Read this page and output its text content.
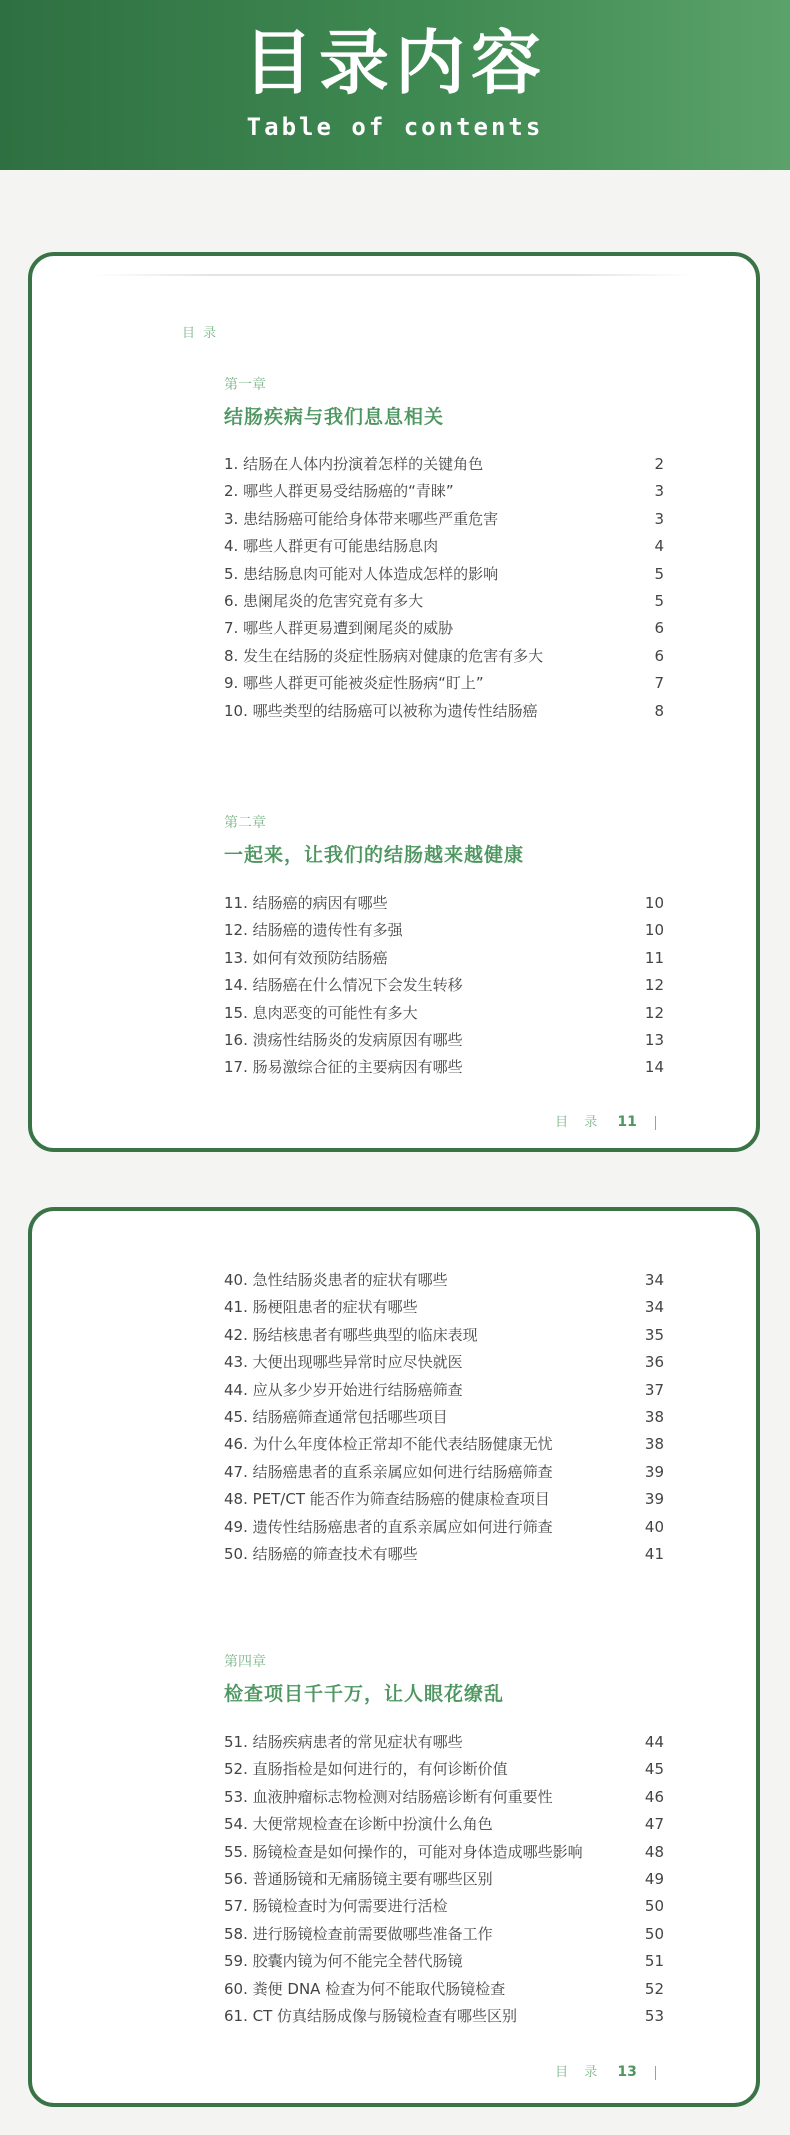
目录内容
Table of contents
目 录
第一章
结肠疾病与我们息息相关
1. 结肠在人体内扮演着怎样的关键角色	2
2. 哪些人群更易受结肠癌的“青睐”	3
3. 患结肠癌可能给身体带来哪些严重危害	3
4. 哪些人群更有可能患结肠息肉	4
5. 患结肠息肉可能对人体造成怎样的影响	5
6. 患阑尾炎的危害究竟有多大	5
7. 哪些人群更易遭到阑尾炎的威胁	6
8. 发生在结肠的炎症性肠病对健康的危害有多大	6
9. 哪些人群更可能被炎症性肠病“盯上”	7
10. 哪些类型的结肠癌可以被称为遗传性结肠癌	8
第二章
一起来，让我们的结肠越来越健康
11. 结肠癌的病因有哪些	10
12. 结肠癌的遗传性有多强	10
13. 如何有效预防结肠癌	11
14. 结肠癌在什么情况下会发生转移	12
15. 息肉恶变的可能性有多大	12
16. 溃疡性结肠炎的发病原因有哪些	13
17. 肠易激综合征的主要病因有哪些	14
目 录 11
40. 急性结肠炎患者的症状有哪些	34
41. 肠梗阻患者的症状有哪些	34
42. 肠结核患者有哪些典型的临床表现	35
43. 大便出现哪些异常时应尽快就医	36
44. 应从多少岁开始进行结肠癌筛查	37
45. 结肠癌筛查通常包括哪些项目	38
46. 为什么年度体检正常却不能代表结肠健康无忧	38
47. 结肠癌患者的直系亲属应如何进行结肠癌筛查	39
48. PET/CT 能否作为筛查结肠癌的健康检查项目	39
49. 遗传性结肠癌患者的直系亲属应如何进行筛查	40
50. 结肠癌的筛查技术有哪些	41
第四章
检查项目千千万，让人眼花缭乱
51. 结肠疾病患者的常见症状有哪些	44
52. 直肠指检是如何进行的，有何诊断价值	45
53. 血液肿瘤标志物检测对结肠癌诊断有何重要性	46
54. 大便常规检查在诊断中扮演什么角色	47
55. 肠镜检查是如何操作的，可能对身体造成哪些影响	48
56. 普通肠镜和无痛肠镜主要有哪些区别	49
57. 肠镜检查时为何需要进行活检	50
58. 进行肠镜检查前需要做哪些准备工作	50
59. 胶囊内镜为何不能完全替代肠镜	51
60. 粪便 DNA 检查为何不能取代肠镜检查	52
61. CT 仿真结肠成像与肠镜检查有哪些区别	53
目 录 13
